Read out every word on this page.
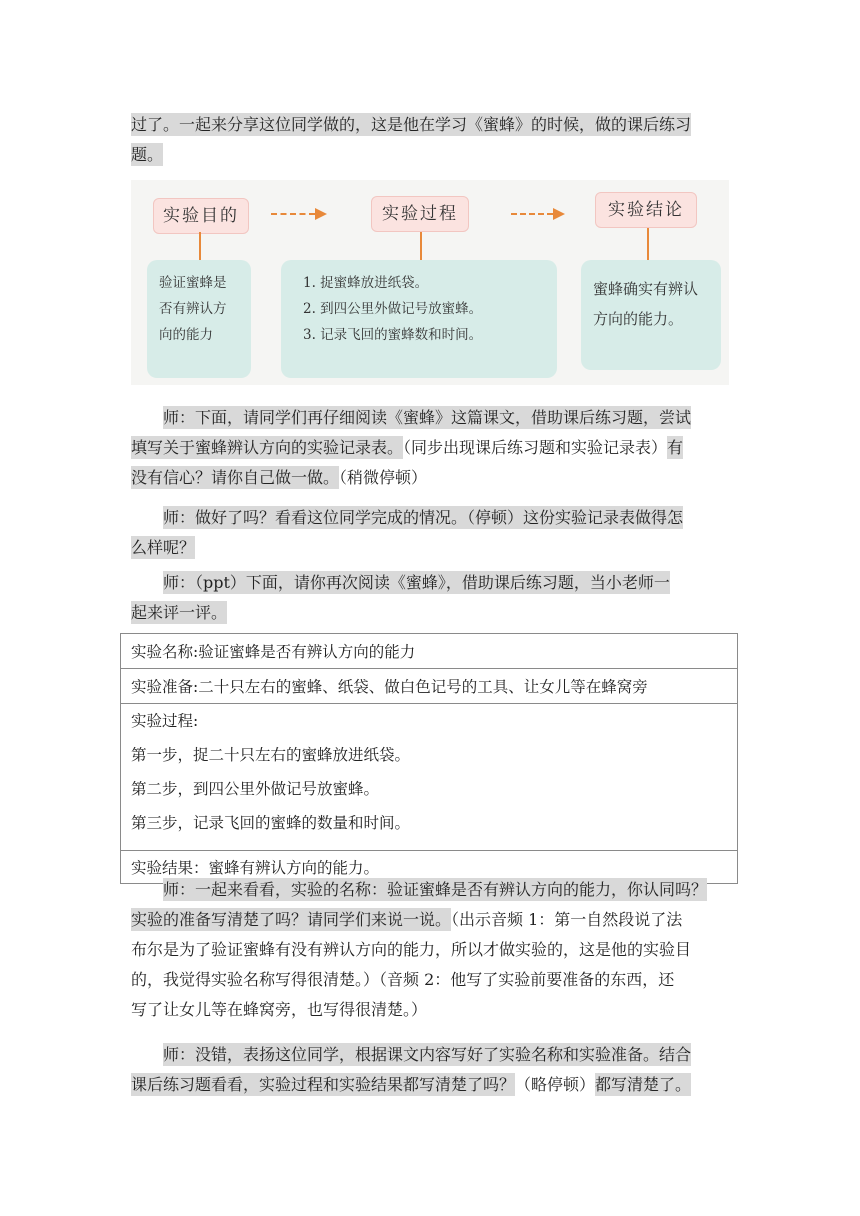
过了。一起来分享这位同学做的，这是他在学习《蜜蜂》的时候，做的课后练习
题。

实验目的	实验过程	实验结论
验证蜜蜂是
否有辨认方
向的能力
1. 捉蜜蜂放进纸袋。
2. 到四公里外做记号放蜜蜂。
3. 记录飞回的蜜蜂数和时间。
蜜蜂确实有辨认
方向的能力。

师：下面，请同学们再仔细阅读《蜜蜂》这篇课文，借助课后练习题，尝试
填写关于蜜蜂辨认方向的实验记录表。（同步出现课后练习题和实验记录表）有
没有信心？请你自己做一做。（稍微停顿）

师：做好了吗？看看这位同学完成的情况。（停顿）这份实验记录表做得怎
么样呢？

师：（ppt）下面，请你再次阅读《蜜蜂》，借助课后练习题，当小老师一
起来评一评。

实验名称:验证蜜蜂是否有辨认方向的能力
实验准备:二十只左右的蜜蜂、纸袋、做白色记号的工具、让女儿等在蜂窝旁

实验过程:
第一步，捉二十只左右的蜜蜂放进纸袋。
第二步，到四公里外做记号放蜜蜂。
第三步，记录飞回的蜜蜂的数量和时间。

实验结果：蜜蜂有辨认方向的能力。

师：一起来看看，实验的名称：验证蜜蜂是否有辨认方向的能力，你认同吗？
实验的准备写清楚了吗？请同学们来说一说。（出示音频 1：第一自然段说了法
布尔是为了验证蜜蜂有没有辨认方向的能力，所以才做实验的，这是他的实验目
的，我觉得实验名称写得很清楚。）（音频 2：他写了实验前要准备的东西，还
写了让女儿等在蜂窝旁，也写得很清楚。）

师：没错，表扬这位同学，根据课文内容写好了实验名称和实验准备。结合
课后练习题看看，实验过程和实验结果都写清楚了吗？（略停顿）都写清楚了。
